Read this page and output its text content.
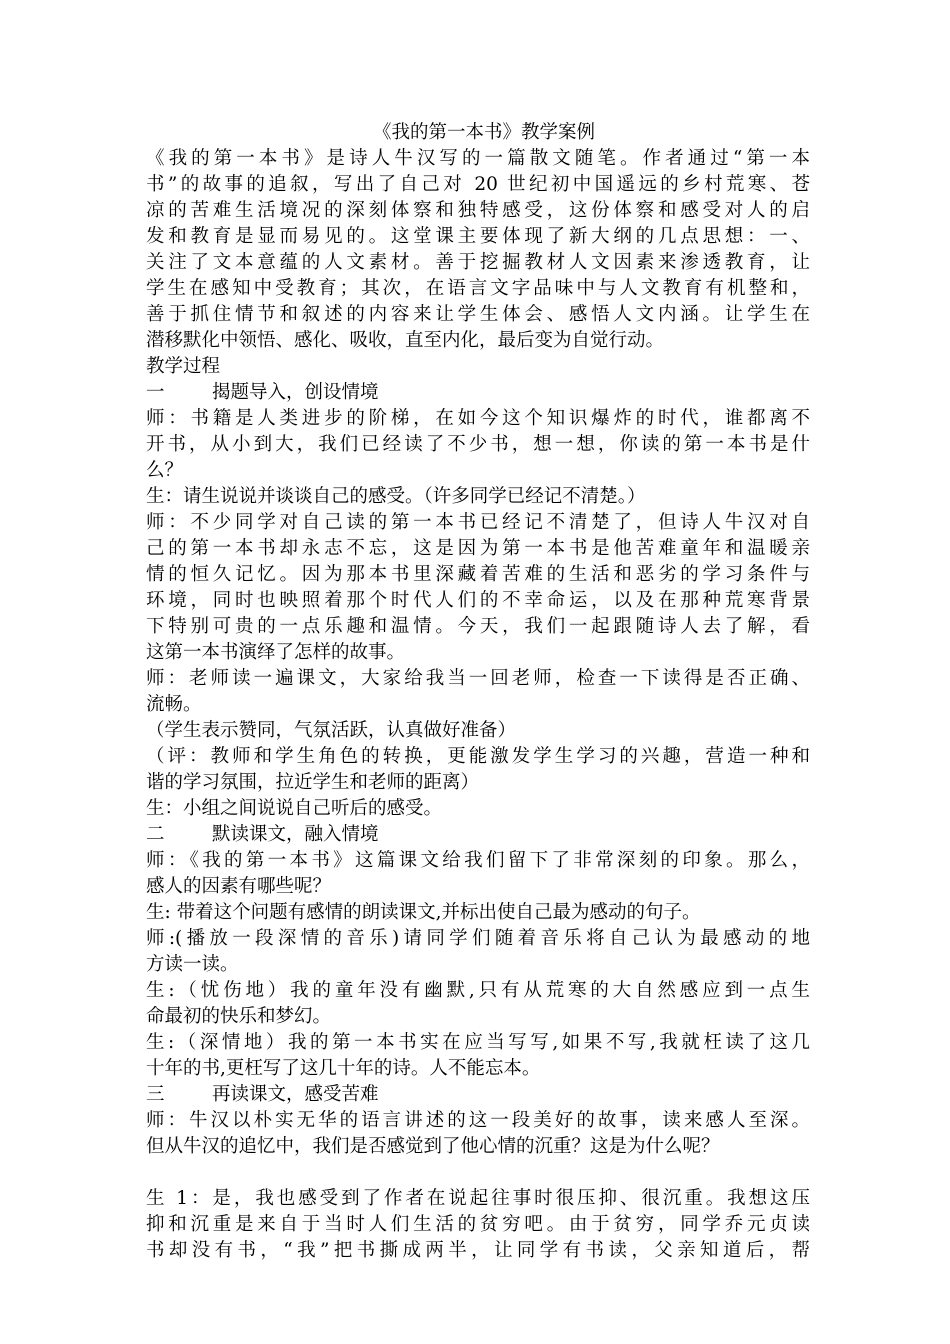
《我的第一本书》教学案例
《我的第一本书》是诗人牛汉写的一篇散文随笔。作者通过“第一本
书”的故事的追叙，写出了自己对 20 世纪初中国遥远的乡村荒寒、苍
凉的苦难生活境况的深刻体察和独特感受，这份体察和感受对人的启
发和教育是显而易见的。这堂课主要体现了新大纲的几点思想：一、
关注了文本意蕴的人文素材。善于挖掘教材人文因素来渗透教育，让
学生在感知中受教育；其次，在语言文字品味中与人文教育有机整和，
善于抓住情节和叙述的内容来让学生体会、感悟人文内涵。让学生在
潜移默化中领悟、感化、吸收，直至内化，最后变为自觉行动。
教学过程
一	揭题导入，创设情境
师：书籍是人类进步的阶梯，在如今这个知识爆炸的时代，谁都离不
开书，从小到大，我们已经读了不少书，想一想，你读的第一本书是什
么？
生：请生说说并谈谈自己的感受。（许多同学已经记不清楚。）
师：不少同学对自己读的第一本书已经记不清楚了，但诗人牛汉对自
己的第一本书却永志不忘，这是因为第一本书是他苦难童年和温暖亲
情的恒久记忆。因为那本书里深藏着苦难的生活和恶劣的学习条件与
环境，同时也映照着那个时代人们的不幸命运，以及在那种荒寒背景
下特别可贵的一点乐趣和温情。今天，我们一起跟随诗人去了解，看
这第一本书演绎了怎样的故事。
师：老师读一遍课文，大家给我当一回老师，检查一下读得是否正确、
流畅。
（学生表示赞同，气氛活跃，认真做好准备）
（评：教师和学生角色的转换，更能激发学生学习的兴趣，营造一种和
谐的学习氛围，拉近学生和老师的距离）
生：小组之间说说自己听后的感受。
二	默读课文，融入情境
师：《我的第一本书》这篇课文给我们留下了非常深刻的印象。那么，
感人的因素有哪些呢？
生: 带着这个问题有感情的朗读课文,并标出使自己最为感动的句子。
师:(播放一段深情的音乐)请同学们随着音乐将自己认为最感动的地
方读一读。
生:（忧伤地）我的童年没有幽默,只有从荒寒的大自然感应到一点生
命最初的快乐和梦幻。
生:（深情地）我的第一本书实在应当写写,如果不写,我就枉读了这几
十年的书,更枉写了这几十年的诗。人不能忘本。
三	再读课文，感受苦难
师：牛汉以朴实无华的语言讲述的这一段美好的故事，读来感人至深。
但从牛汉的追忆中，我们是否感觉到了他心情的沉重？这是为什么呢？
生 1：是，我也感受到了作者在说起往事时很压抑、很沉重。我想这压
抑和沉重是来自于当时人们生活的贫穷吧。由于贫穷，同学乔元贞读
书却没有书，“我”把书撕成两半，让同学有书读，父亲知道后，帮
